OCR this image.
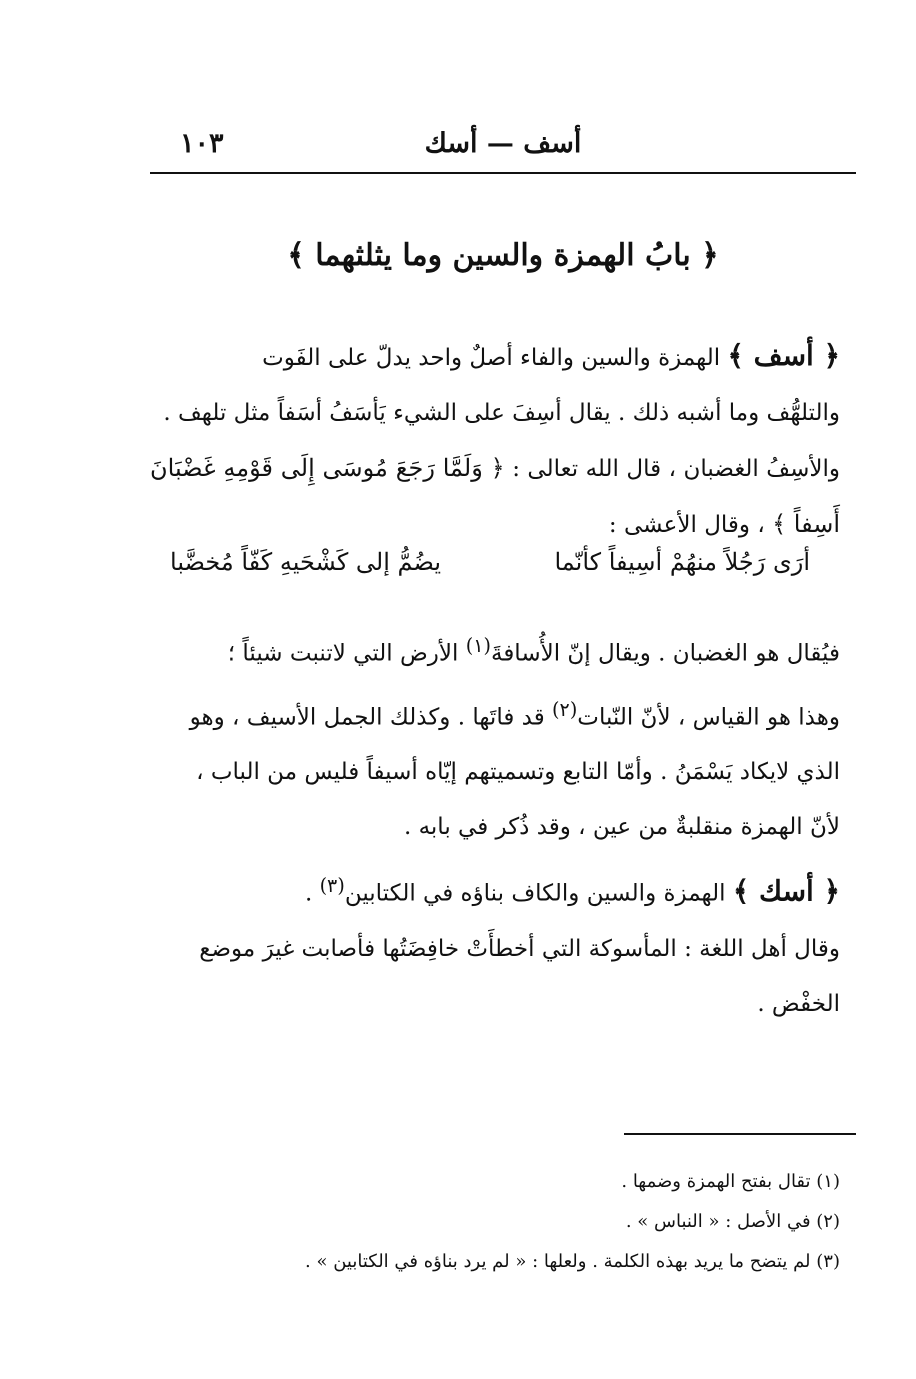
أسف — أسك
١٠٣
﴿ بابُ الهمزة والسين وما يثلثهما ﴾

﴿ أسف ﴾ الهمزة والسين والفاء أصلٌ واحد يدلّ على الفَوت

والتلهُّف وما أشبه ذلك . يقال أسِفَ على الشيء يَأسَفُ أسَفاً مثل تلهف .

والأسِفُ الغضبان ، قال الله تعالى : ﴿ وَلَمَّا رَجَعَ مُوسَى إِلَى قَوْمِهِ غَضْبَانَ أَسِفاً ﴾ ، وقال الأعشى :

أرَى رَجُلاً منهُمْ أسِيفاً كأنّما
يضُمُّ إلى كَشْحَيهِ كَفّاً مُخضَّبا

فيُقال هو الغضبان . ويقال إنّ الأُسافةَ$^{(١)}$ الأرض التي لاتنبت شيئاً ؛

وهذا هو القياس ، لأنّ النّبات$^{(٢)}$ قد فاتَها . وكذلك الجمل الأسيف ، وهو

الذي لايكاد يَسْمَنُ . وأمّا التابع وتسميتهم إيّاه أسيفاً فليس من الباب ،

لأنّ الهمزة منقلبةٌ من عين ، وقد ذُكر في بابه .

﴿ أسك ﴾ الهمزة والسين والكاف بناؤه في الكتابين$^{(٣)}$ .

وقال أهل اللغة : المأسوكة التي أخطأَتْ خافِضَتُها فأصابت غيرَ موضع

الخفْض .

(١) تقال بفتح الهمزة وضمها .
(٢) في الأصل : « النباس » .
(٣) لم يتضح ما يريد بهذه الكلمة . ولعلها : « لم يرد بناؤه في الكتابين » .
